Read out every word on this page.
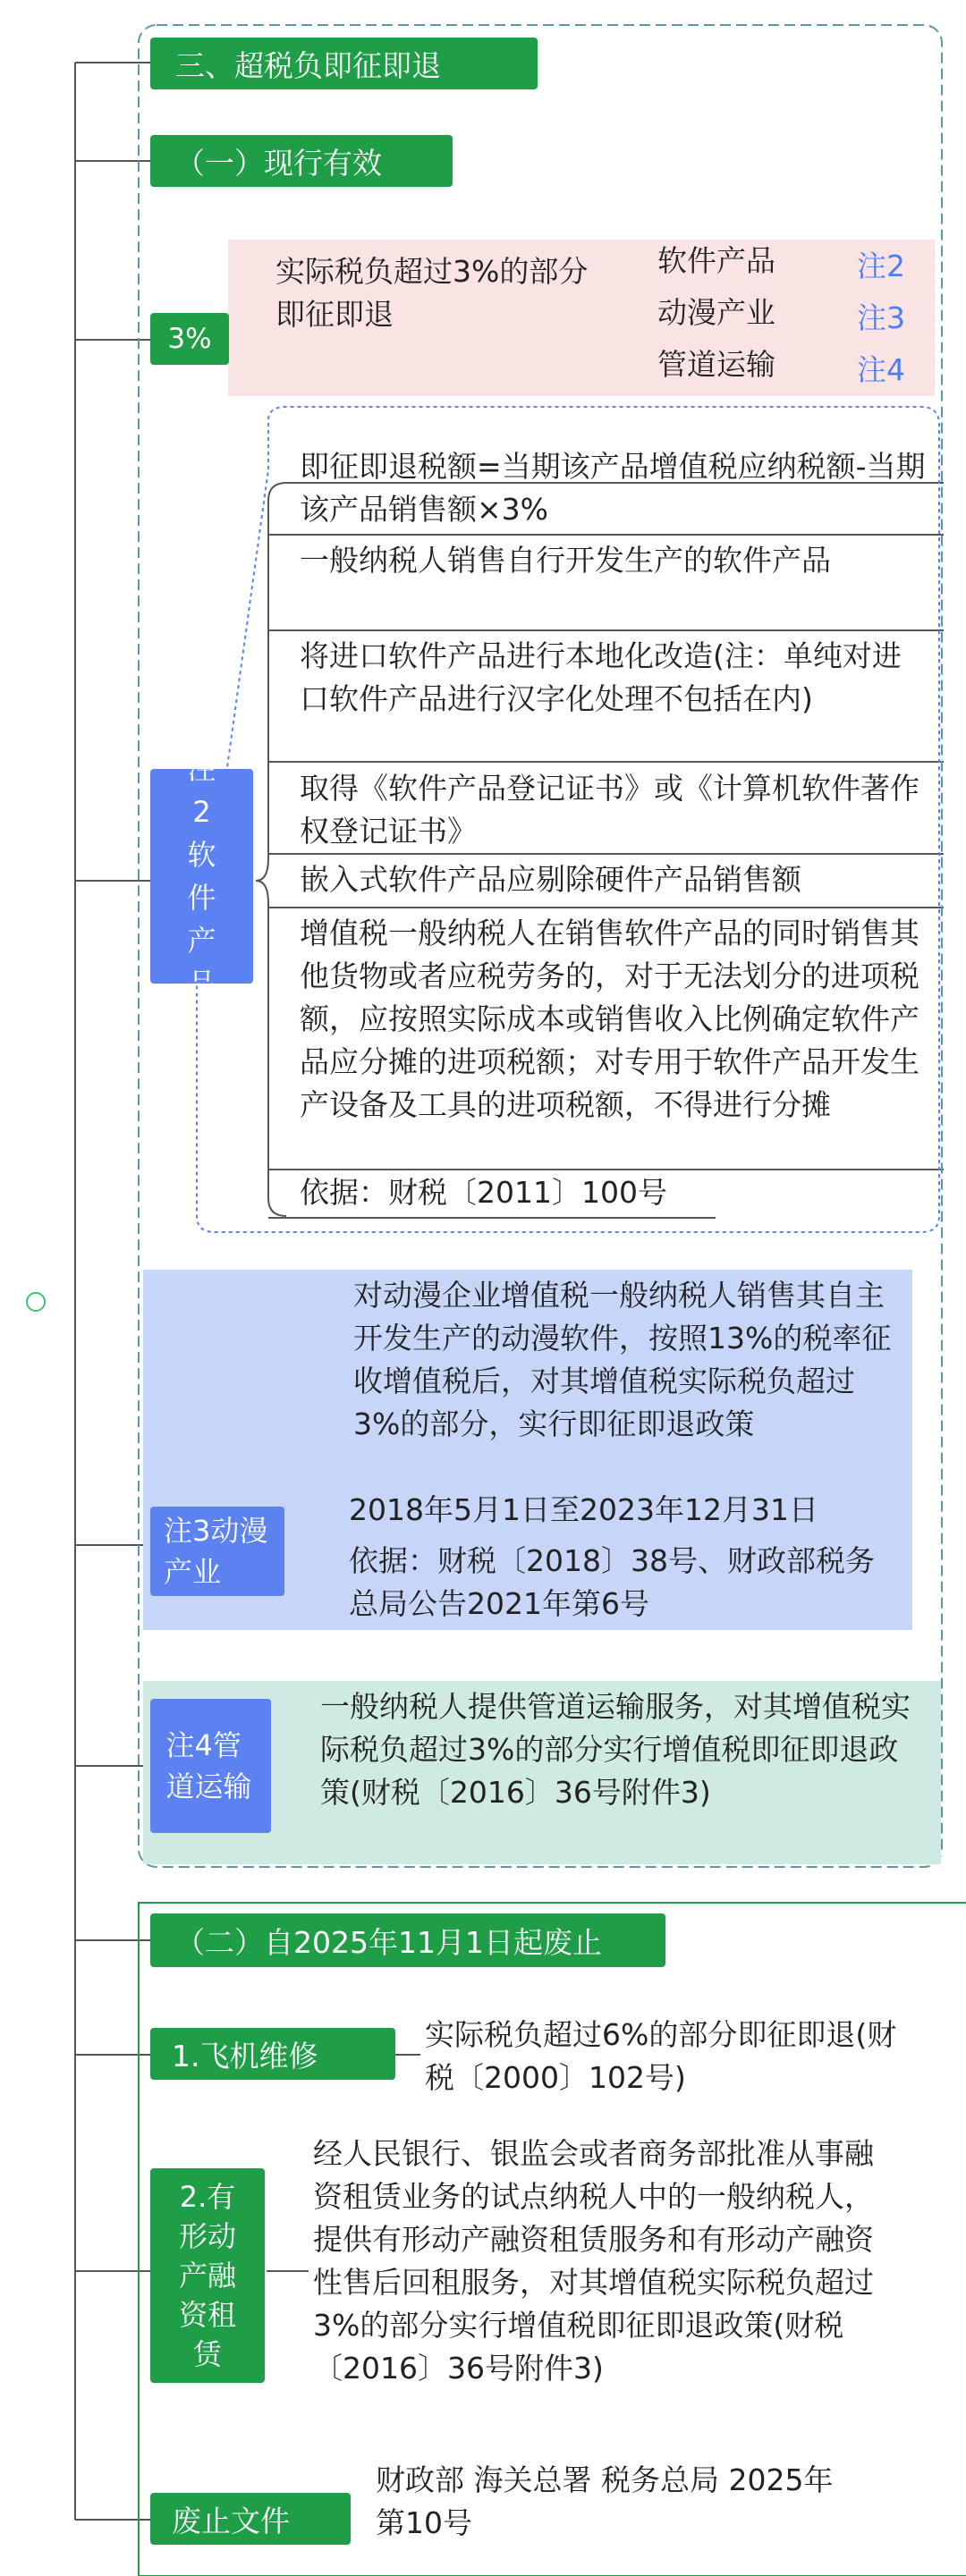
三、超税负即征即退
（一）现行有效
3%
实际税负超过3%的部分即征即退
软件产品	注2
动漫产业	注3
管道运输	注4
注2软件产品
即征即退税额=当期该产品增值税应纳税额-当期该产品销售额×3%
一般纳税人销售自行开发生产的软件产品
将进口软件产品进行本地化改造(注：单纯对进口软件产品进行汉字化处理不包括在内)
取得《软件产品登记证书》或《计算机软件著作权登记证书》
嵌入式软件产品应剔除硬件产品销售额
增值税一般纳税人在销售软件产品的同时销售其他货物或者应税劳务的，对于无法划分的进项税额，应按照实际成本或销售收入比例确定软件产品应分摊的进项税额；对专用于软件产品开发生产设备及工具的进项税额，不得进行分摊
依据：财税〔2011〕100号
注3动漫产业
对动漫企业增值税一般纳税人销售其自主开发生产的动漫软件，按照13%的税率征收增值税后，对其增值税实际税负超过3%的部分，实行即征即退政策
2018年5月1日至2023年12月31日
依据：财税〔2018〕38号、财政部税务总局公告2021年第6号
注4管道运输
一般纳税人提供管道运输服务，对其增值税实际税负超过3%的部分实行增值税即征即退政策(财税〔2016〕36号附件3)
（二）自2025年11月1日起废止
1.飞机维修
实际税负超过6%的部分即征即退(财税〔2000〕102号)
2.有形动产融资租赁
经人民银行、银监会或者商务部批准从事融资租赁业务的试点纳税人中的一般纳税人，提供有形动产融资租赁服务和有形动产融资性售后回租服务，对其增值税实际税负超过3%的部分实行增值税即征即退政策(财税〔2016〕36号附件3)
废止文件
财政部 海关总署 税务总局 2025年第10号
